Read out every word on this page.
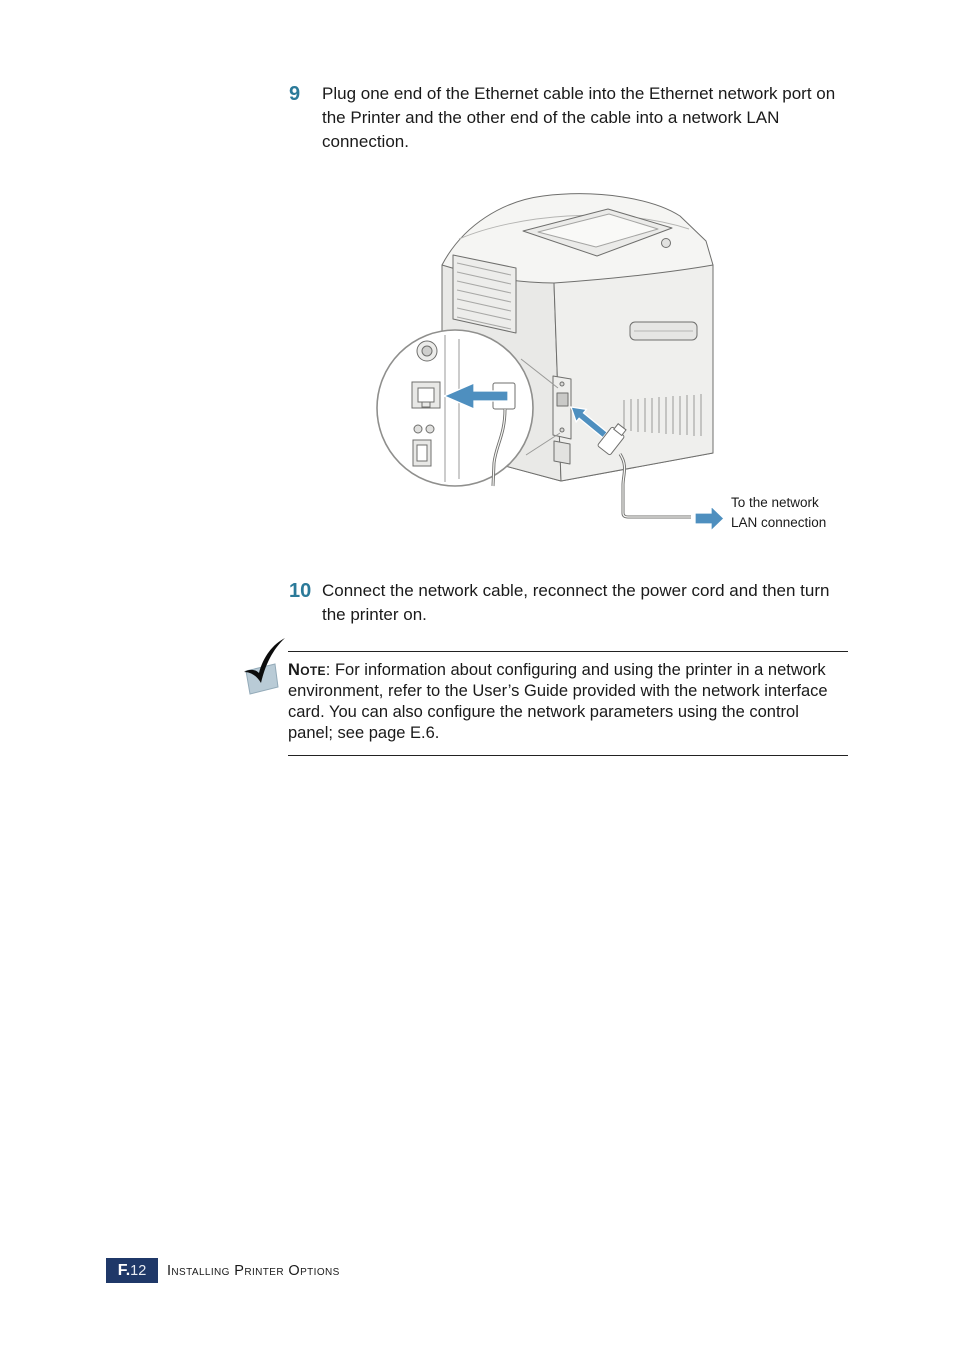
9	Plug one end of the Ethernet cable into the Ethernet network port on the Printer and the other end of the cable into a network LAN connection.
To the network
LAN connection
10 Connect the network cable, reconnect the power cord and then turn the printer on.
Note: For information about configuring and using the printer in a network environment, refer to the User’s Guide provided with the network interface card. You can also configure the network parameters using the control panel; see page E.6.
F. 12 Installing Printer Options
